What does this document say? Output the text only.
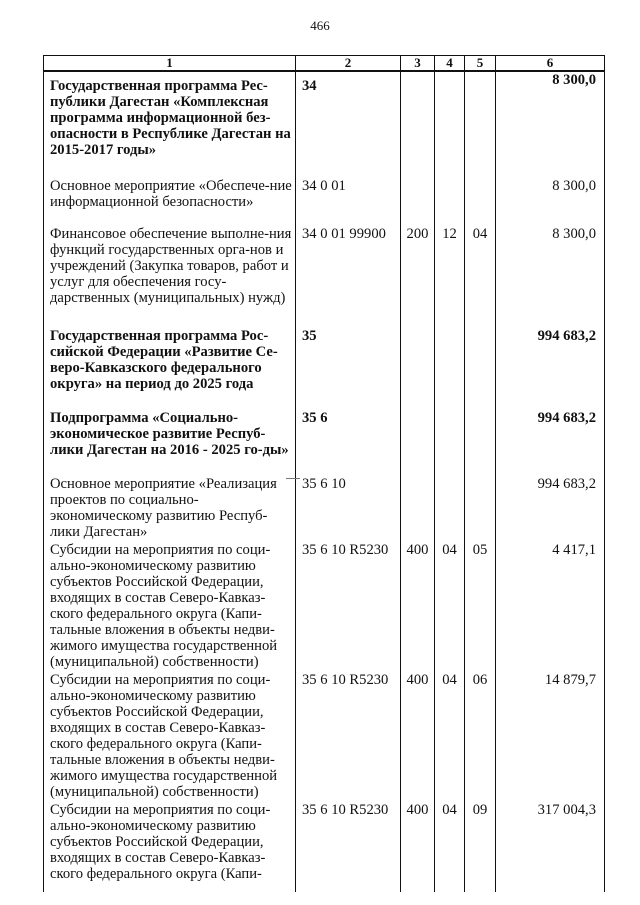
466
1	2	3	4	5	6
Государственная программа Рес-публики Дагестан «Комплексная программа информационной без-опасности в Республике Дагестан на 2015-2017 годы»	34				8 300,0
Основное мероприятие «Обеспече-ние информационной безопасности»	34 0 01				8 300,0
Финансовое обеспечение выполне-ния функций государственных орга-нов и учреждений (Закупка товаров, работ и услуг для обеспечения госу-дарственных (муниципальных) нужд)	34 0 01 99900	200	12	04	8 300,0
Государственная программа Рос-сийской Федерации «Развитие Се-веро-Кавказского федерального округа» на период до 2025 года	35				994 683,2
Подпрограмма «Социально-экономическое развитие Респуб-лики Дагестан на 2016 - 2025 го-ды»	35 6				994 683,2
Основное мероприятие «Реализация проектов по социально-экономическому развитию Респуб-лики Дагестан»	35 6 10				994 683,2
Субсидии на мероприятия по соци-ально-экономическому развитию субъектов Российской Федерации, входящих в состав Северо-Кавказ-ского федерального округа (Капи-тальные вложения в объекты недви-жимого имущества государственной (муниципальной) собственности)	35 6 10 R5230	400	04	05	4 417,1
Субсидии на мероприятия по соци-ально-экономическому развитию субъектов Российской Федерации, входящих в состав Северо-Кавказ-ского федерального округа (Капи-тальные вложения в объекты недви-жимого имущества государственной (муниципальной) собственности)	35 6 10 R5230	400	04	06	14 879,7
Субсидии на мероприятия по соци-ально-экономическому развитию субъектов Российской Федерации, входящих в состав Северо-Кавказ-ского федерального округа (Капи-	35 6 10 R5230	400	04	09	317 004,3
